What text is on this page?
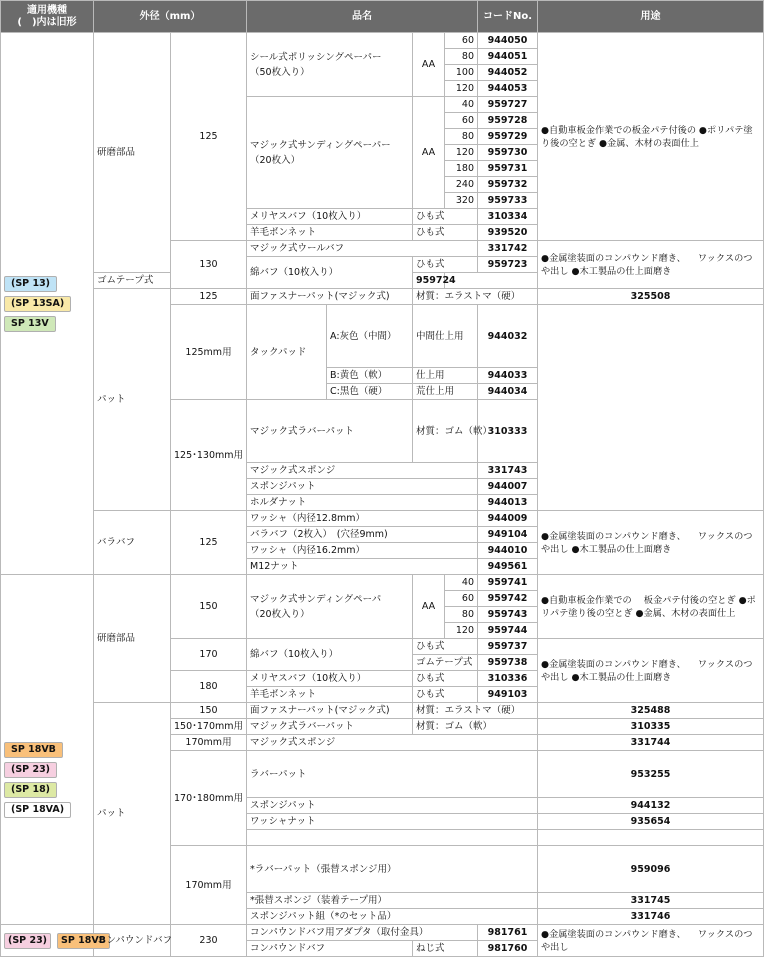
適用機種
(　)内は旧形	外径（mm）		品名				コードNo.	用途	

(SP 13)
(SP 13SA)
SP 13V	研磨部品	125	シール式ポリッシングペーパー
（50枚入り）		AA	60	944050	●自動車板金作業での板金パテ付後の ●ポリパテ塗り後の空とぎ ●金属、木材の表面仕上	
						80	944051		
						100	944052		
						120	944053		
			マジック式サンディングペーパー
（20枚入）		AA	40	959727		
						60	959728		
						80	959729		
						120	959730		
						180	959731		
						240	959732		
						320	959733		
			メリヤスバフ（10枚入り）		ひも式		310334		
			羊毛ボンネット		ひも式		939520		
		130	マジック式ウールバフ				331742	●金属塗装面のコンパウンド磨き、 　ワックスのつや出し ●木工製品の仕上面磨き	
			綿バフ（10枚入り）		ひも式		959723		
	ゴムテープ式				959724				
	パット	125	面ファスナーパット(マジック式)		材質：エラストマ（硬）			325508	
		125mm用	タックパッド	A:灰色（中間）	中間仕上用		944032		
				B:黄色（軟）	仕上用		944033		
				C:黒色（硬）	荒仕上用		944034		
		125･130mm用	マジック式ラバーパット		材質：ゴム（軟）		310333		
			マジック式スポンジ				331743		
			スポンジパット				944007		
			ホルダナット				944013		
	バラバフ	125	ワッシャ（内径12.8mm）				944009	●金属塗装面のコンパウンド磨き、 　ワックスのつや出し ●木工製品の仕上面磨き	
			バラバフ（2枚入）　(穴径9mm)				949104		
			ワッシャ（内径16.2mm）				944010		
			M12ナット				949561		

SP 18VB
(SP 23)
(SP 18)
(SP 18VA)	研磨部品	150	マジック式サンディングペーパ
（20枚入り）		AA	40	959741	●自動車板金作業での 　板金パテ付後の空とぎ ●ポリパテ塗り後の空とぎ ●金属、木材の表面仕上	
						60	959742		
						80	959743		
						120	959744		
		170	綿バフ（10枚入り）		ひも式		959737	●金属塗装面のコンパウンド磨き、 　ワックスのつや出し ●木工製品の仕上面磨き	
					ゴムテープ式		959738		
		180	メリヤスバフ（10枚入り）		ひも式		310336		
			羊毛ボンネット		ひも式		949103		
	パット	150	面ファスナーパット(マジック式)		材質：エラストマ（硬）			325488	
		150･170mm用	マジック式ラバーパット		材質：ゴム（軟）			310335	
		170mm用	マジック式スポンジ					331744	
		170･180mm用	ラバーパット					953255	
			スポンジパット					944132	
			ワッシャナット					935654	

		170mm用	*ラバーパット（張替スポンジ用）					959096	
			*張替スポンジ（装着テープ用）					331745	
			スポンジパット組（*のセット品）					331746	

(SP 23) SP 18VB	コンパウンドバフ	230	コンパウンドバフ用アダプタ（取付金具）				981761	●金属塗装面のコンパウンド磨き、 　ワックスのつや出し	
			コンパウンドバフ		ねじ式		981760		
